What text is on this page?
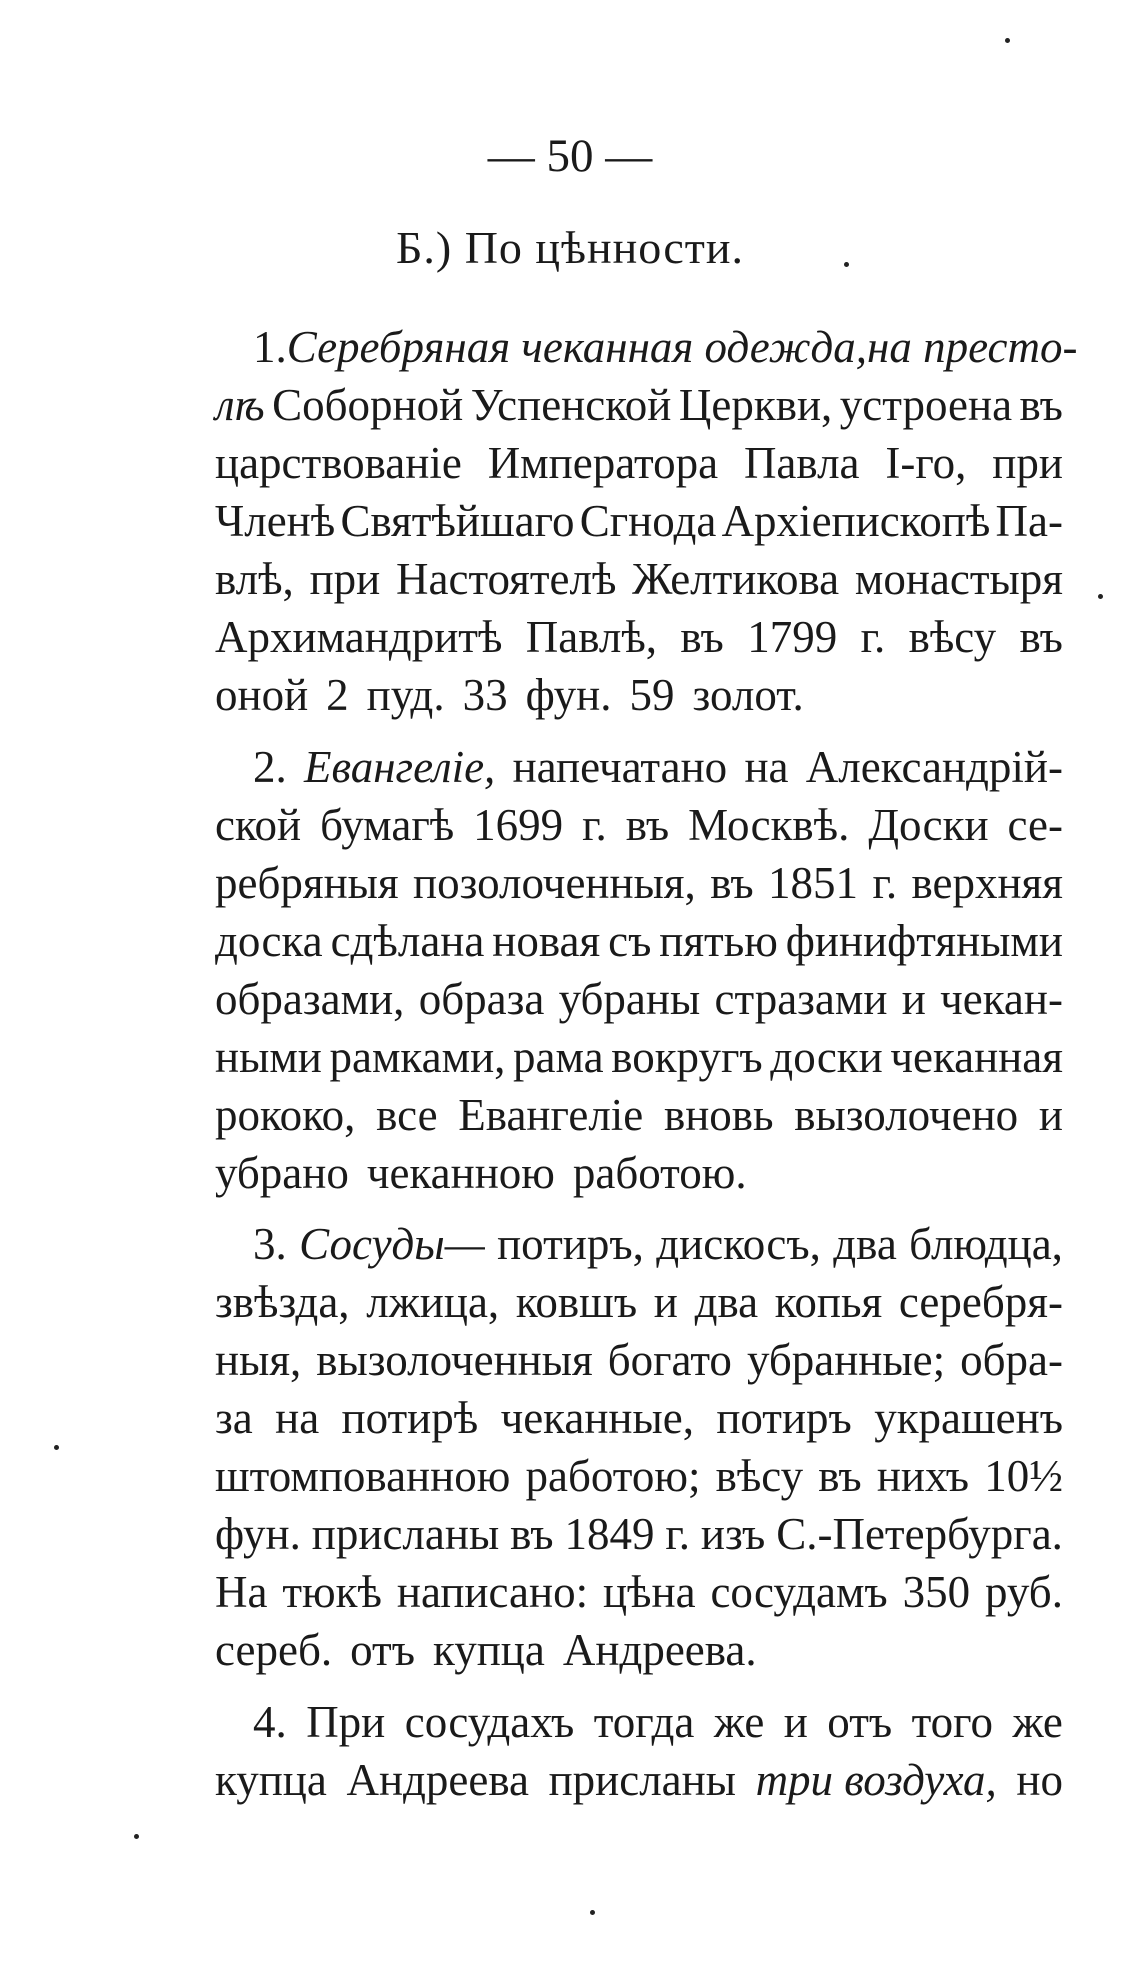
— 50 —
Б.) По цѣнности.
1. Серебряная чеканная одежда, на престо-
лѣ Соборной Успенской Церкви, устроена въ
царствованіе Императора Павла I-го, при
Членѣ Святѣйшаго Сгнода Архіепископѣ Па-
влѣ, при Настоятелѣ Желтикова монастыря
Архимандритѣ Павлѣ, въ 1799 г. вѣсу въ
оной 2 пуд. 33 фун. 59 золот.
2. Евангеліе, напечатано на Александрій-
ской бумагѣ 1699 г. въ Москвѣ. Доски се-
ребряныя позолоченныя, въ 1851 г. верхняя
доска сдѣлана новая съ пятью финифтяными
образами, образа убраны стразами и чекан-
ными рамками, рама вокругъ доски чеканная
рококо, все Евангеліе вновь вызолочено и
убрано чеканною работою.
3. Сосуды— потиръ, дискосъ, два блюдца,
звѣзда, лжица, ковшъ и два копья серебря-
ныя, вызолоченныя богато убранные; обра-
за на потирѣ чеканные, потиръ украшенъ
штомпованною работою; вѣсу въ нихъ 10½
фун. присланы въ 1849 г. изъ С.-Петербурга.
На тюкѣ написано: цѣна сосудамъ 350 руб.
сереб. отъ купца Андреева.
4. При сосудахъ тогда же и отъ того же
купца Андреева присланы три воздуха, но
